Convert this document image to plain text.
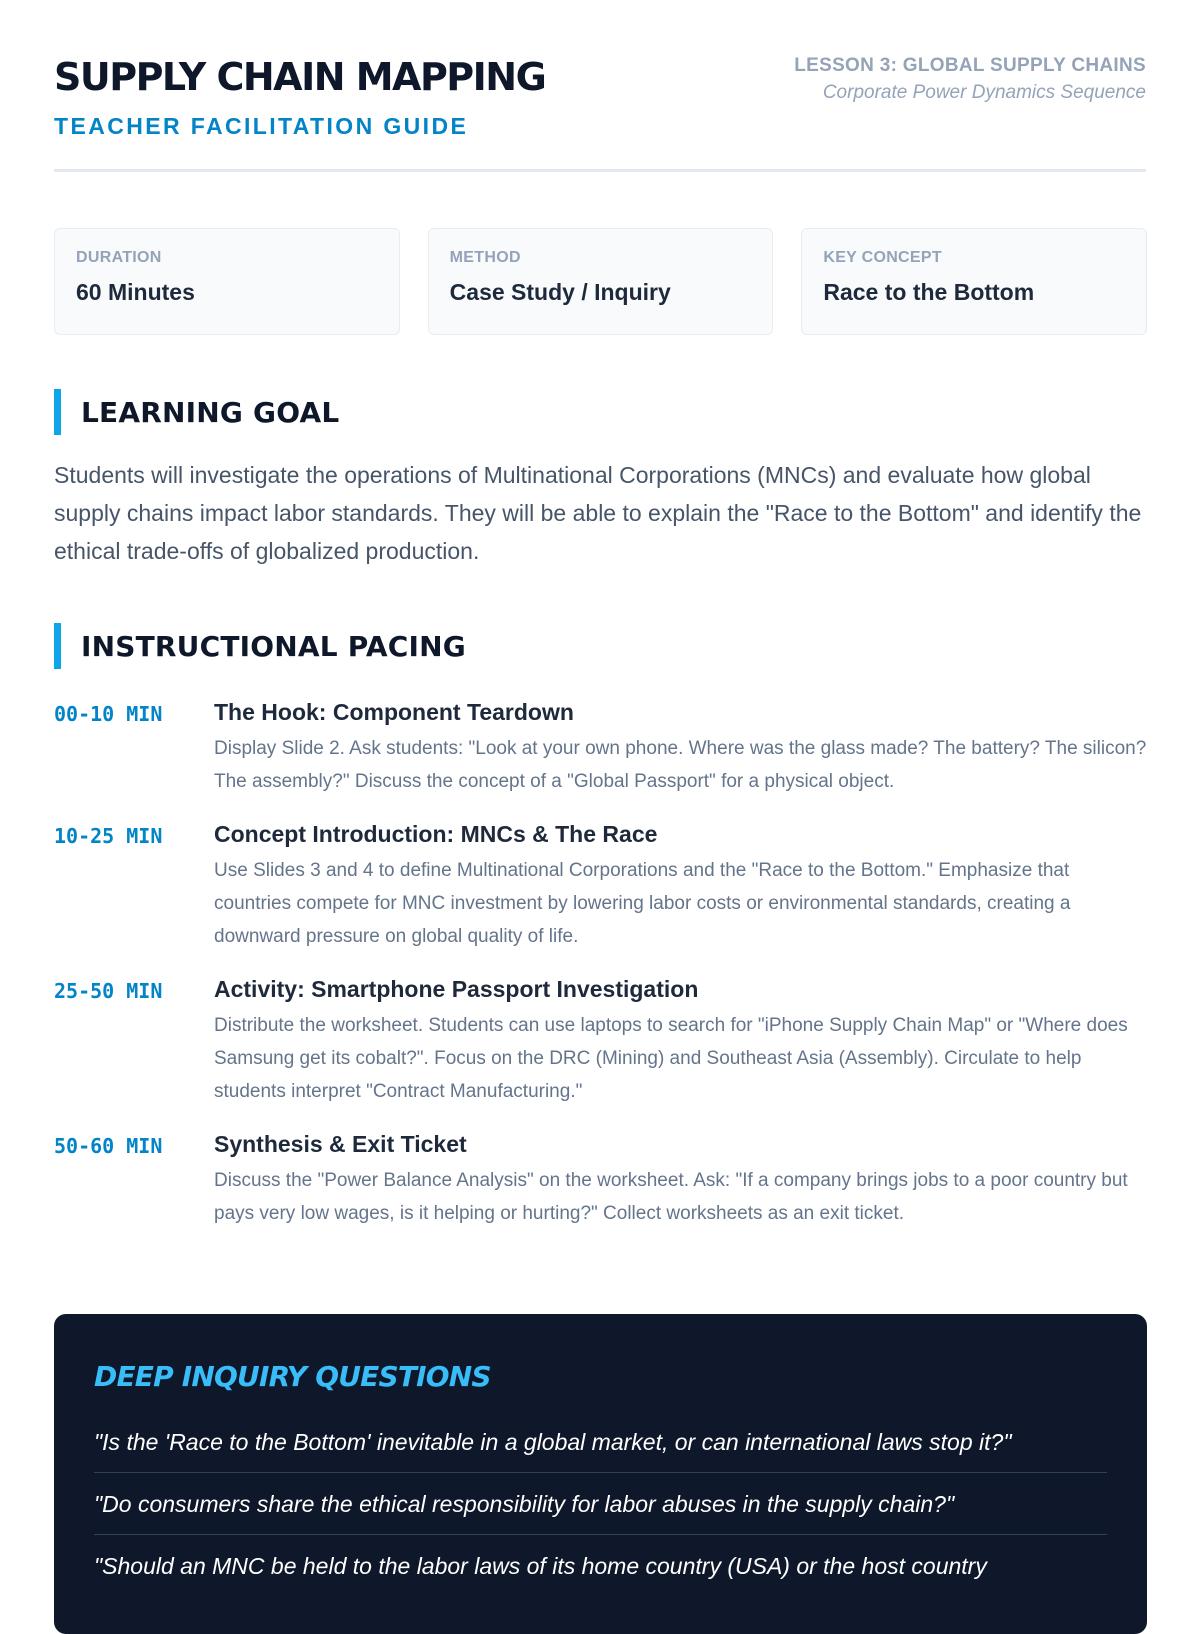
SUPPLY CHAIN MAPPING
TEACHER FACILITATION GUIDE
LESSON 3: GLOBAL SUPPLY CHAINS
Corporate Power Dynamics Sequence
DURATION
60 Minutes
METHOD
Case Study / Inquiry
KEY CONCEPT
Race to the Bottom
LEARNING GOAL

Students will investigate the operations of Multinational Corporations (MNCs) and evaluate how global supply chains impact labor standards. They will be able to explain the "Race to the Bottom" and identify the ethical trade-offs of globalized production.

INSTRUCTIONAL PACING
00-10 MIN	The Hook: Component Teardown
Display Slide 2. Ask students: "Look at your own phone. Where was the glass made? The battery? The silicon? The assembly?" Discuss the concept of a "Global Passport" for a physical object.
10-25 MIN	Concept Introduction: MNCs & The Race
Use Slides 3 and 4 to define Multinational Corporations and the "Race to the Bottom." Emphasize that countries compete for MNC investment by lowering labor costs or environmental standards, creating a downward pressure on global quality of life.
25-50 MIN	Activity: Smartphone Passport Investigation
Distribute the worksheet. Students can use laptops to search for "iPhone Supply Chain Map" or "Where does Samsung get its cobalt?". Focus on the DRC (Mining) and Southeast Asia (Assembly). Circulate to help students interpret "Contract Manufacturing."
50-60 MIN	Synthesis & Exit Ticket
Discuss the "Power Balance Analysis" on the worksheet. Ask: "If a company brings jobs to a poor country but pays very low wages, is it helping or hurting?" Collect worksheets as an exit ticket.
DEEP INQUIRY QUESTIONS
"Is the 'Race to the Bottom' inevitable in a global market, or can international laws stop it?"
"Do consumers share the ethical responsibility for labor abuses in the supply chain?"
"Should an MNC be held to the labor laws of its home country (USA) or the host country
